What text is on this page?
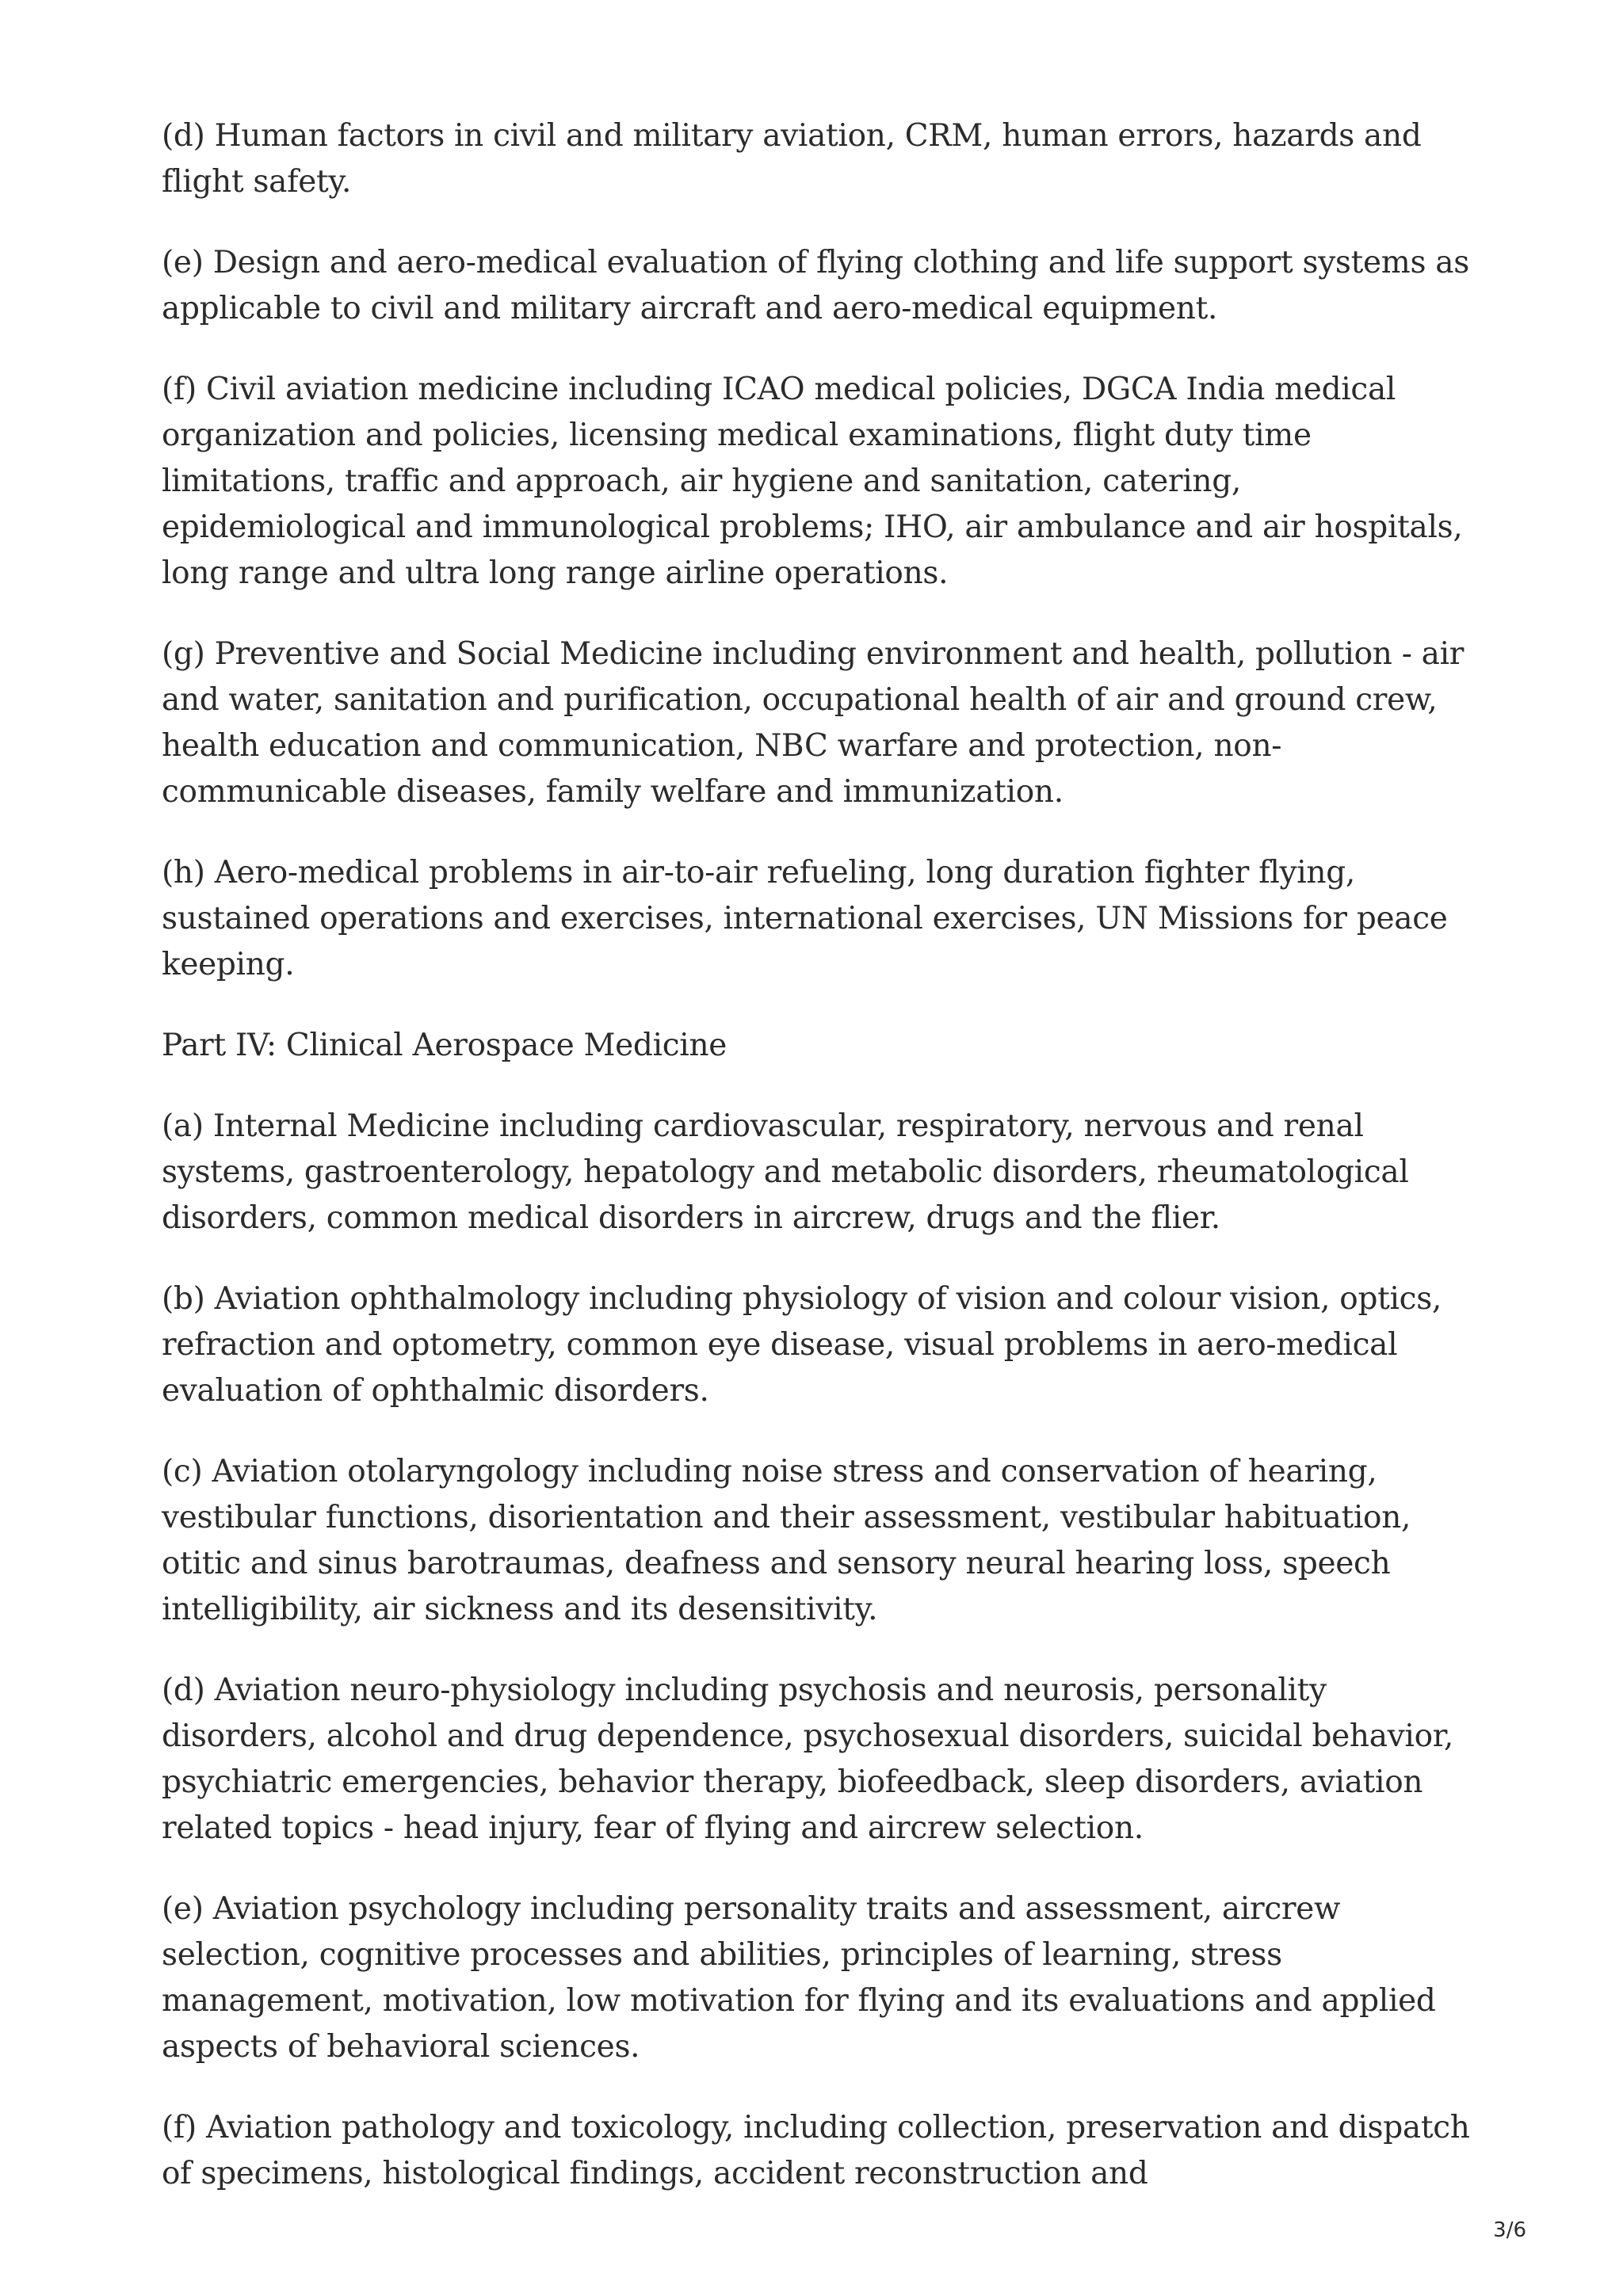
(d) Human factors in civil and military aviation, CRM, human errors, hazards and flight safety.

(e) Design and aero-medical evaluation of flying clothing and life support systems as applicable to civil and military aircraft and aero-medical equipment.

(f) Civil aviation medicine including ICAO medical policies, DGCA India medical organization and policies, licensing medical examinations, flight duty time limitations, traffic and approach, air hygiene and sanitation, catering, epidemiological and immunological problems; IHO, air ambulance and air hospitals, long range and ultra long range airline operations.

(g) Preventive and Social Medicine including environment and health, pollution - air and water, sanitation and purification, occupational health of air and ground crew, health education and communication, NBC warfare and protection, non-communicable diseases, family welfare and immunization.

(h) Aero-medical problems in air-to-air refueling, long duration fighter flying, sustained operations and exercises, international exercises, UN Missions for peace keeping.

Part IV: Clinical Aerospace Medicine

(a) Internal Medicine including cardiovascular, respiratory, nervous and renal systems, gastroenterology, hepatology and metabolic disorders, rheumatological disorders, common medical disorders in aircrew, drugs and the flier.

(b) Aviation ophthalmology including physiology of vision and colour vision, optics, refraction and optometry, common eye disease, visual problems in aero-medical evaluation of ophthalmic disorders.

(c) Aviation otolaryngology including noise stress and conservation of hearing, vestibular functions, disorientation and their assessment, vestibular habituation, otitic and sinus barotraumas, deafness and sensory neural hearing loss, speech intelligibility, air sickness and its desensitivity.

(d) Aviation neuro-physiology including psychosis and neurosis, personality disorders, alcohol and drug dependence, psychosexual disorders, suicidal behavior, psychiatric emergencies, behavior therapy, biofeedback, sleep disorders, aviation related topics - head injury, fear of flying and aircrew selection.

(e) Aviation psychology including personality traits and assessment, aircrew selection, cognitive processes and abilities, principles of learning, stress management, motivation, low motivation for flying and its evaluations and applied aspects of behavioral sciences.

(f) Aviation pathology and toxicology, including collection, preservation and dispatch of specimens, histological findings, accident reconstruction and

3/6
